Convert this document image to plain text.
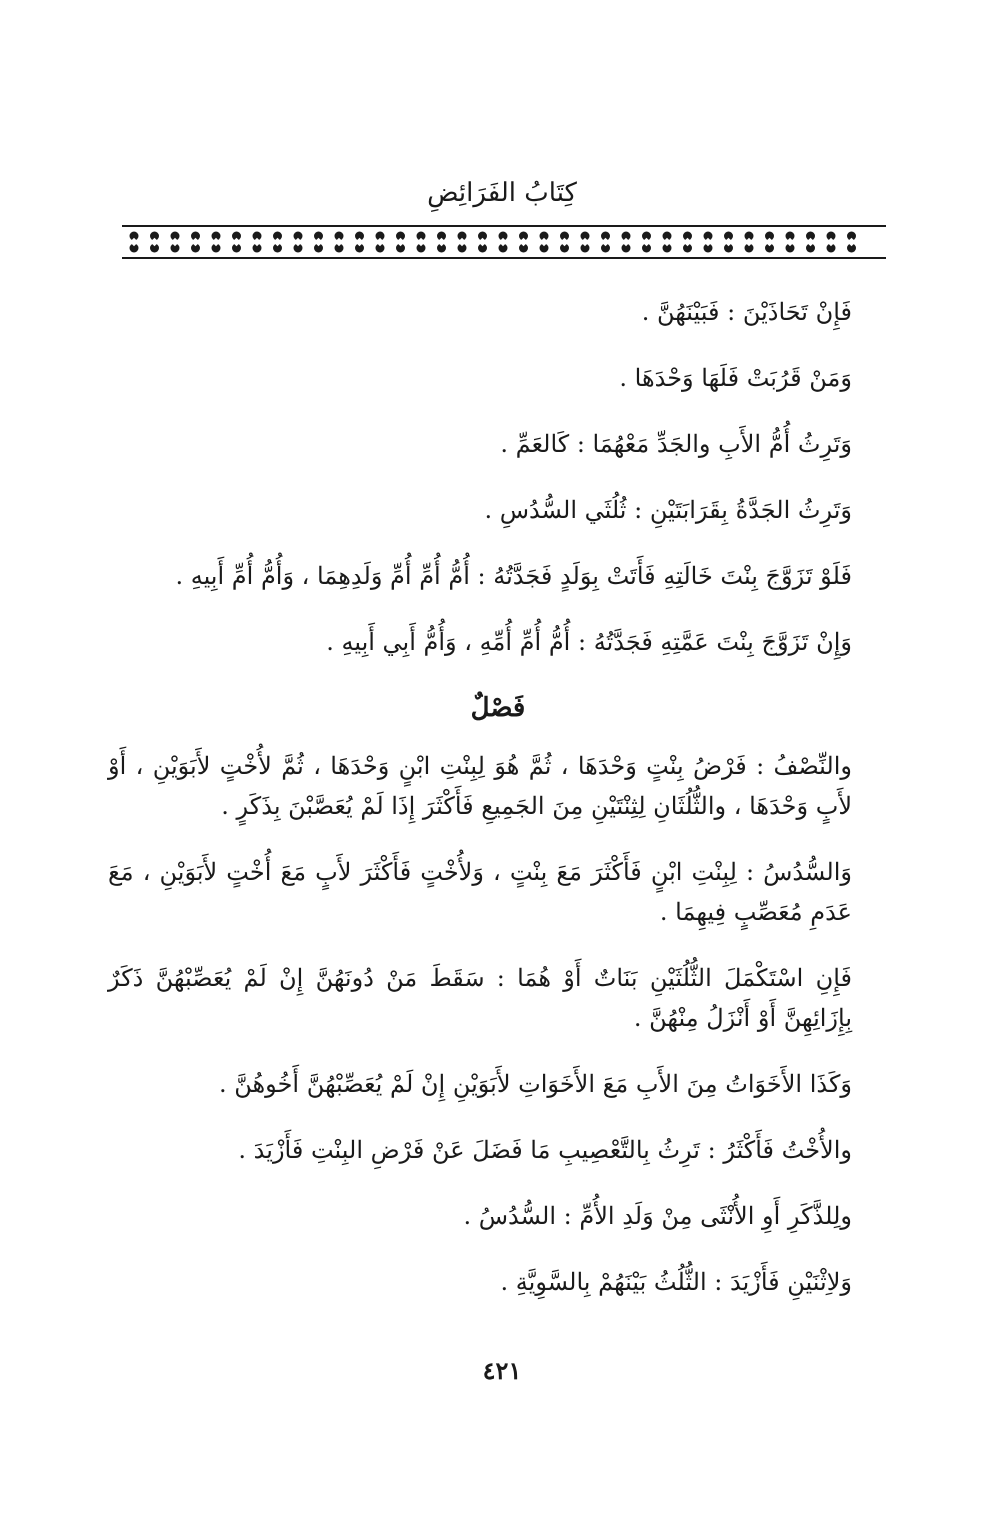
كِتَابُ الفَرَائِضِ

فَإِنْ تَحَاذَيْنَ : فَبَيْنَهُنَّ .

وَمَنْ قَرُبَتْ فَلَهَا وَحْدَهَا .

وَتَرِثُ أُمُّ الأَبِ والجَدِّ مَعْهُمَا : كَالعَمِّ .

وَتَرِثُ الجَدَّةُ بِقَرَابَتَيْنِ : ثُلُثَي السُّدُسِ .

فَلَوْ تَزَوَّجَ بِنْتَ خَالَتِهِ فَأَتَتْ بِوَلَدٍ فَجَدَّتُهُ : أُمُّ أُمِّ أُمِّ وَلَدِهِمَا ، وَأُمُّ أُمِّ أَبِيهِ .

وَإِنْ تَزَوَّجَ بِنْتَ عَمَّتِهِ فَجَدَّتُهُ : أُمُّ أُمِّ أُمِّهِ ، وَأُمُّ أَبِي أَبِيهِ .

فَصْلٌ

والنِّصْفُ : فَرْضُ بِنْتٍ وَحْدَهَا ، ثُمَّ هُوَ لِبِنْتِ ابْنٍ وَحْدَهَا ، ثُمَّ لأُخْتٍ لأَبَوَيْنِ ، أَوْ لأَبٍ وَحْدَهَا ، والثُّلُثَانِ لِثِنْتَيْنِ مِنَ الجَمِيعِ فَأَكْثَرَ إِذَا لَمْ يُعَصَّبْنَ بِذَكَرٍ .

وَالسُّدُسُ : لِبِنْتِ ابْنٍ فَأَكْثَرَ مَعَ بِنْتٍ ، وَلأُخْتٍ فَأَكْثَرَ لأَبٍ مَعَ أُخْتٍ لأَبَوَيْنِ ، مَعَ عَدَمِ مُعَصِّبٍ فِيهِمَا .

فَإِنِ اسْتَكْمَلَ الثُّلُثَيْنِ بَنَاتٌ أَوْ هُمَا : سَقَطَ مَنْ دُونَهُنَّ إِنْ لَمْ يُعَصِّبْهُنَّ ذَكَرٌ بِإِزَائِهِنَّ أَوْ أَنْزَلُ مِنْهُنَّ .

وَكَذَا الأَخَوَاتُ مِنَ الأَبِ مَعَ الأَخَوَاتِ لأَبَوَيْنِ إِنْ لَمْ يُعَصِّبْهُنَّ أَخُوهُنَّ .

والأُخْتُ فَأَكْثَرُ : تَرِثُ بِالتَّعْصِيبِ مَا فَضَلَ عَنْ فَرْضِ البِنْتِ فَأَزْيَدَ .

ولِلذَّكَرِ أَوِ الأُنْثَى مِنْ وَلَدِ الأُمِّ : السُّدُسُ .

وَلاِثْنَيْنِ فَأَزْيَدَ : الثُّلُثُ بَيْنَهُمْ بِالسَّوِيَّةِ .

٤٢١
